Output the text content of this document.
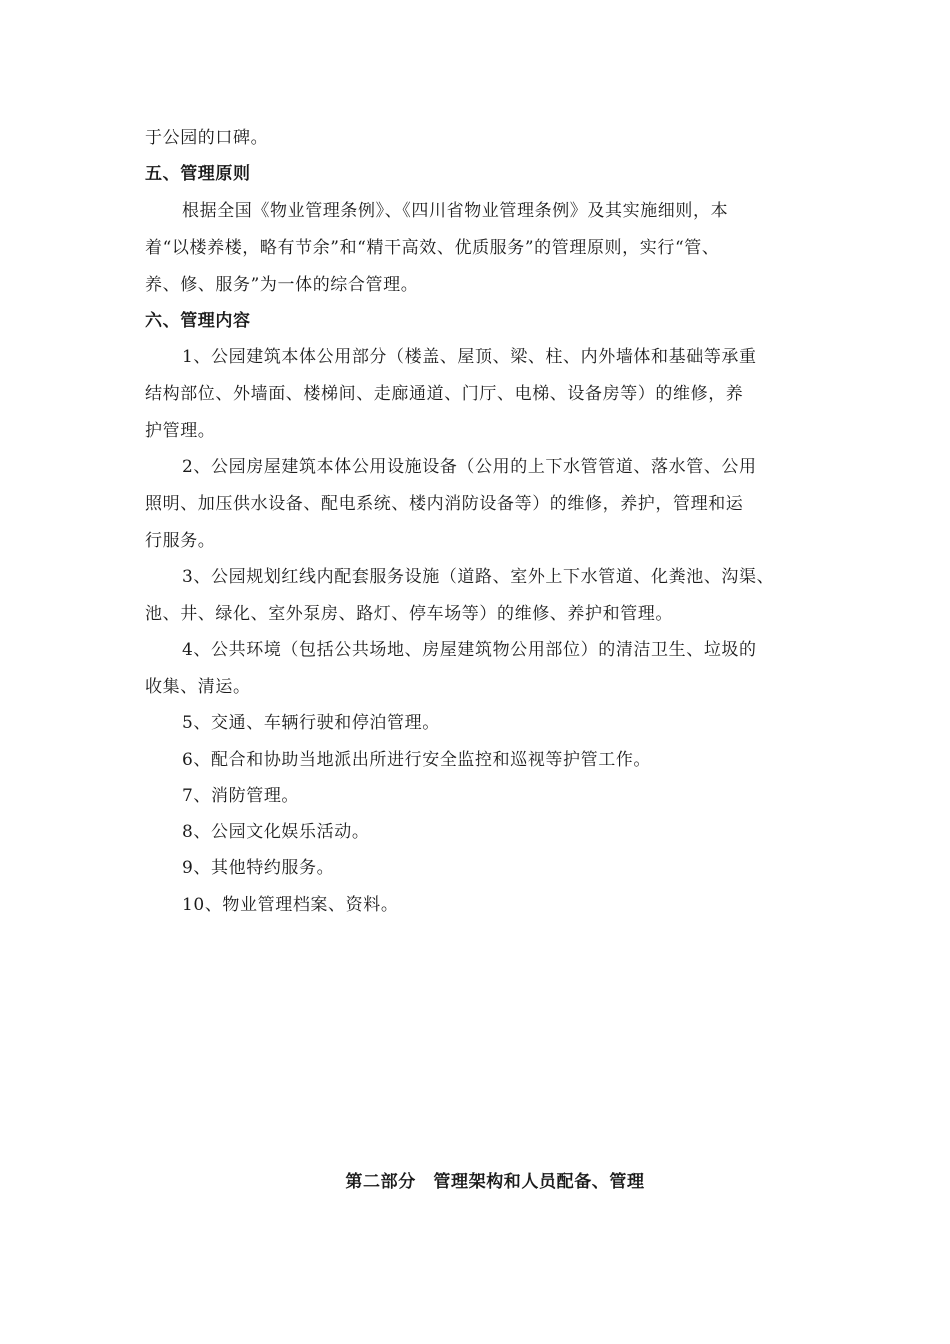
于公园的口碑。
五、管理原则
根据全国《物业管理条例》、《四川省物业管理条例》及其实施细则，本
着“以楼养楼，略有节余”和“精干高效、优质服务”的管理原则，实行“管、
养、修、服务”为一体的综合管理。
六、管理内容
1、公园建筑本体公用部分（楼盖、屋顶、梁、柱、内外墙体和基础等承重
结构部位、外墙面、楼梯间、走廊通道、门厅、电梯、设备房等）的维修，养
护管理。
2、公园房屋建筑本体公用设施设备（公用的上下水管管道、落水管、公用
照明、加压供水设备、配电系统、楼内消防设备等）的维修，养护，管理和运
行服务。
3、公园规划红线内配套服务设施（道路、室外上下水管道、化粪池、沟渠、
池、井、绿化、室外泵房、路灯、停车场等）的维修、养护和管理。
4、公共环境（包括公共场地、房屋建筑物公用部位）的清洁卫生、垃圾的
收集、清运。
5、交通、车辆行驶和停泊管理。
6、配合和协助当地派出所进行安全监控和巡视等护管工作。
7、消防管理。
8、公园文化娱乐活动。
9、其他特约服务。
10、物业管理档案、资料。
第二部分　管理架构和人员配备、管理
